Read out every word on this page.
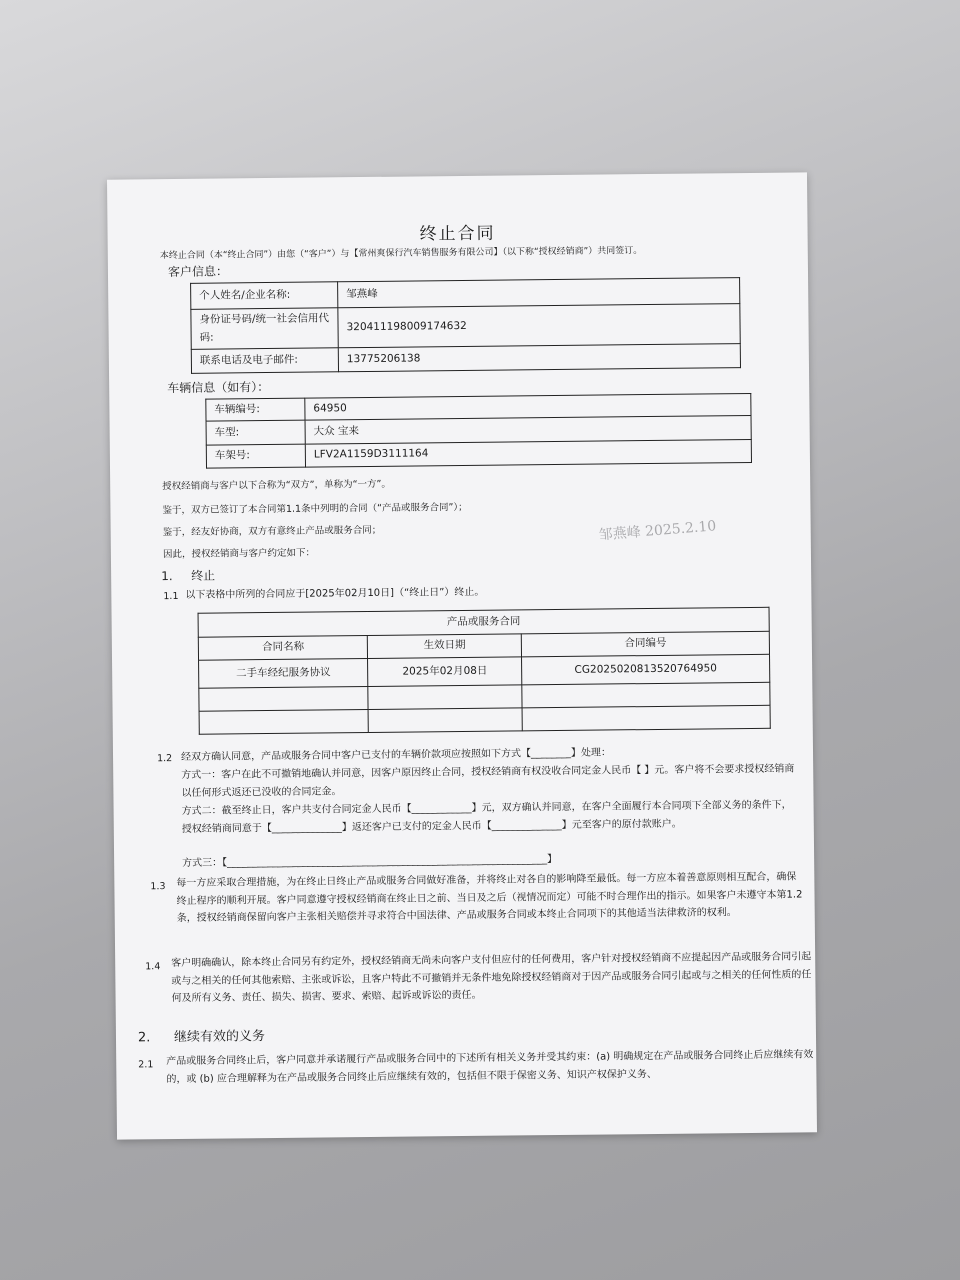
终止合同
本终止合同（本“终止合同”）由您（“客户”）与【常州爽保行汽车销售服务有限公司】（以下称“授权经销商”）共同签订。
客户信息：
个人姓名/企业名称:	邹燕峰
身份证号码/统一社会信用代码:	320411198009174632
联系电话及电子邮件:	13775206138
车辆信息（如有）：
车辆编号:	64950
车型:	大众 宝来
车架号:	LFV2A1159D3111164
授权经销商与客户以下合称为“双方”，单称为“一方”。
鉴于，双方已签订了本合同第1.1条中列明的合同（“产品或服务合同”）；
鉴于，经友好协商，双方有意终止产品或服务合同；
因此，授权经销商与客户约定如下：
邹燕峰 2025.2.10
1. 终止
1.1 以下表格中所列的合同应于[2025年02月10日]（“终止日”）终止。
产品或服务合同		
合同名称	生效日期	合同编号
二手车经纪服务协议	2025年02月08日	CG20250208135207649​50

1.2 经双方确认同意，产品或服务合同中客户已支付的车辆价款项应按照如下方式【________】处理：
方式一：客户在此不可撤销地确认并同意，因客户原因终止合同，授权经销商有权没收合同定金人民币【 】元。客户将不会要求授权经销商以任何形式返还已没收的合同定金。
方式二：截至终止日，客户共支付合同定金人民币【____________】元，双方确认并同意，在客户全面履行本合同项下全部义务的条件下，授权经销商同意于【______________】返还客户已支付的定金人民币【______________】元至客户的原付款账户。
方式三：【________________________________________________________________】
1.3 每一方应采取合理措施，为在终止日终止产品或服务合同做好准备，并将终止对各自的影响降至最低。每一方应本着善意原则相互配合，确保终止程序的顺利开展。客户同意遵守授权经销商在终止日之前、当日及之后（视情况而定）可能不时合理作出的指示。如果客户未遵守本第1.2条，授权经销商保留向客户主张相关赔偿并寻求符合中国法律、产品或服务合同或本终止合同项下的其他适当法律救济的权利。
1.4 客户明确确认，除本终止合同另有约定外，授权经销商无尚未向客户支付但应付的任何费用，客户针对授权经销商不应提起因产品或服务合同引起或与之相关的任何其他索赔、主张或诉讼，且客户特此不可撤销并无条件地免除授权经销商对于因产品或服务合同引起或与之相关的任何性质的任何及所有义务、责任、损失、损害、要求、索赔、起诉或诉讼的责任。
2. 继续有效的义务
2.1 产品或服务合同终止后，客户同意并承诺履行产品或服务合同中的下述所有相关义务并受其约束：(a) 明确规定在产品或服务合同终止后应继续有效的，或 (b) 应合理解释为在产品或服务合同终止后应继续有效的，包括但不限于保密义务、知识产权保护义务、
